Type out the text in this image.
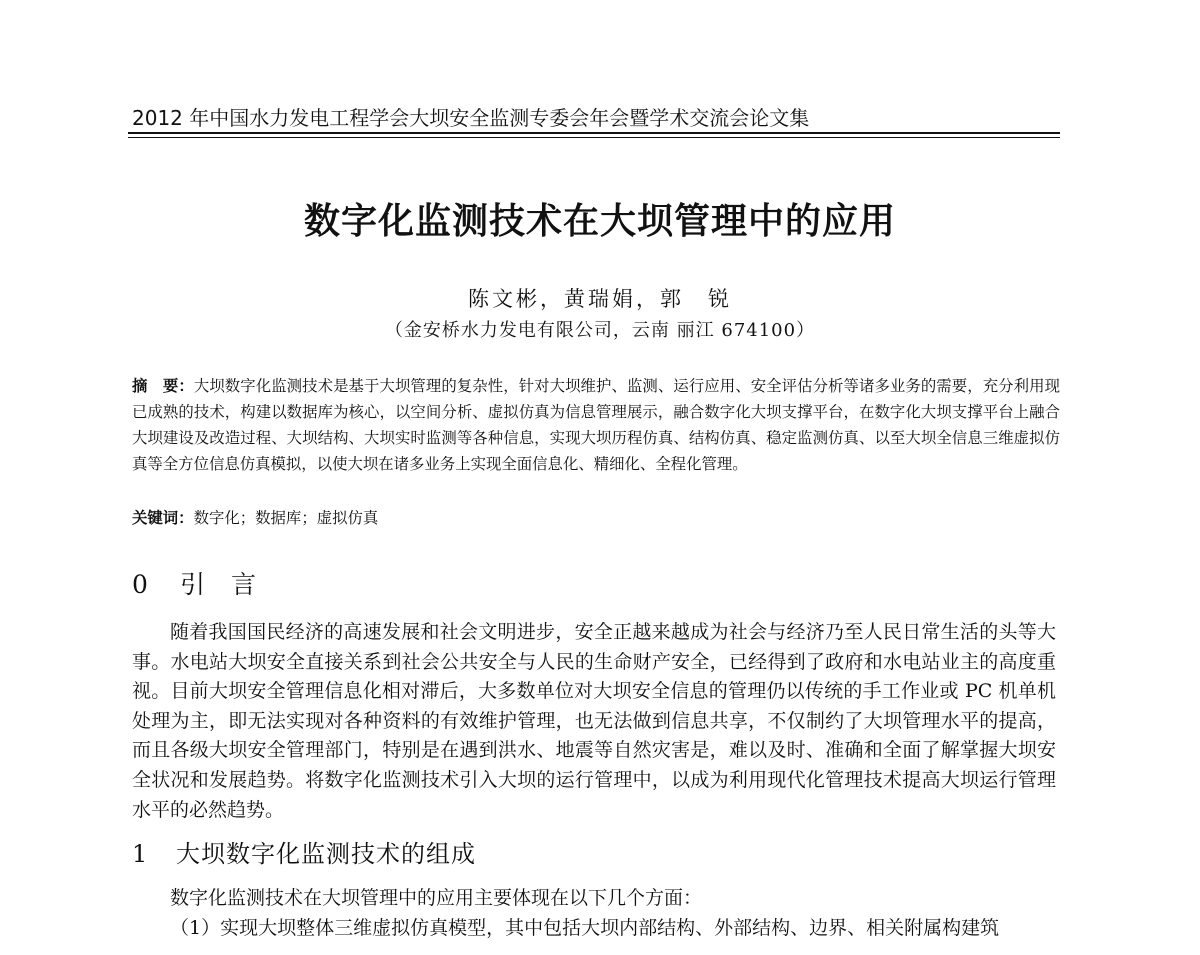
2012 年中国水力发电工程学会大坝安全监测专委会年会暨学术交流会论文集
数字化监测技术在大坝管理中的应用
陈文彬，黄瑞娟，郭　锐
（金安桥水力发电有限公司，云南 丽江 674100）
摘　要：大坝数字化监测技术是基于大坝管理的复杂性，针对大坝维护、监测、运行应用、安全评估分析等诸多业务的需要，充分利用现已成熟的技术，构建以数据库为核心，以空间分析、虚拟仿真为信息管理展示，融合数字化大坝支撑平台，在数字化大坝支撑平台上融合大坝建设及改造过程、大坝结构、大坝实时监测等各种信息，实现大坝历程仿真、结构仿真、稳定监测仿真、以至大坝全信息三维虚拟仿真等全方位信息仿真模拟，以使大坝在诸多业务上实现全面信息化、精细化、全程化管理。
关键词：数字化；数据库；虚拟仿真
0 引言
随着我国国民经济的高速发展和社会文明进步，安全正越来越成为社会与经济乃至人民日常生活的头等大事。水电站大坝安全直接关系到社会公共安全与人民的生命财产安全，已经得到了政府和水电站业主的高度重视。目前大坝安全管理信息化相对滞后，大多数单位对大坝安全信息的管理仍以传统的手工作业或 PC 机单机处理为主，即无法实现对各种资料的有效维护管理，也无法做到信息共享，不仅制约了大坝管理水平的提高，而且各级大坝安全管理部门，特别是在遇到洪水、地震等自然灾害是，难以及时、准确和全面了解掌握大坝安全状况和发展趋势。将数字化监测技术引入大坝的运行管理中，以成为利用现代化管理技术提高大坝运行管理水平的必然趋势。
1 大坝数字化监测技术的组成
数字化监测技术在大坝管理中的应用主要体现在以下几个方面：
（1）实现大坝整体三维虚拟仿真模型，其中包括大坝内部结构、外部结构、边界、相关附属构建筑
